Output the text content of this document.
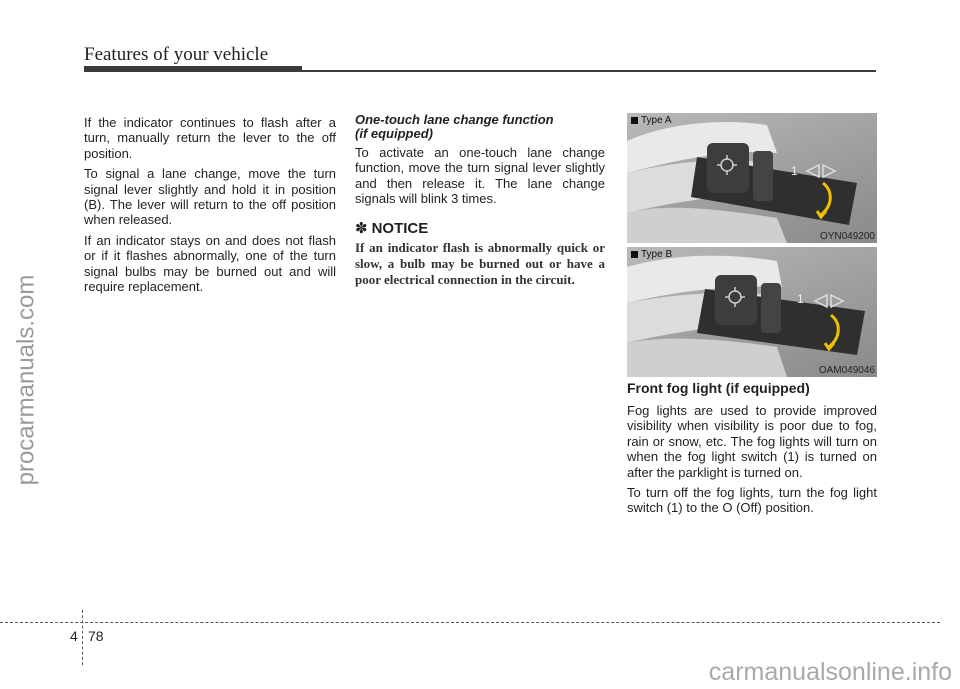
Features of your vehicle
procarmanuals.com

If the indicator continues to flash after a turn, manually return the lever to the off position.

To signal a lane change, move the turn signal lever slightly and hold it in position (B). The lever will return to the off position when released.

If an indicator stays on and does not flash or if it flashes abnormally, one of the turn signal bulbs may be burned out and will require replacement.

One-touch lane change function
(if equipped)

To activate an one-touch lane change function, move the turn signal lever slightly and then release it. The lane change signals will blink 3 times.

✽ NOTICE
If an indicator flash is abnormally quick or slow, a bulb may be burned out or have a poor electrical connection in the circuit.
Type A
1
OYN049200
Type B
1
OAM049046
Front fog light (if equipped)

Fog lights are used to provide improved visibility when visibility is poor due to fog, rain or snow, etc. The fog lights will turn on when the fog light switch (1) is turned on after the parklight is turned on.

To turn off the fog lights, turn the fog light switch (1) to the O (Off) position.

4 78
carmanualsonline.info
